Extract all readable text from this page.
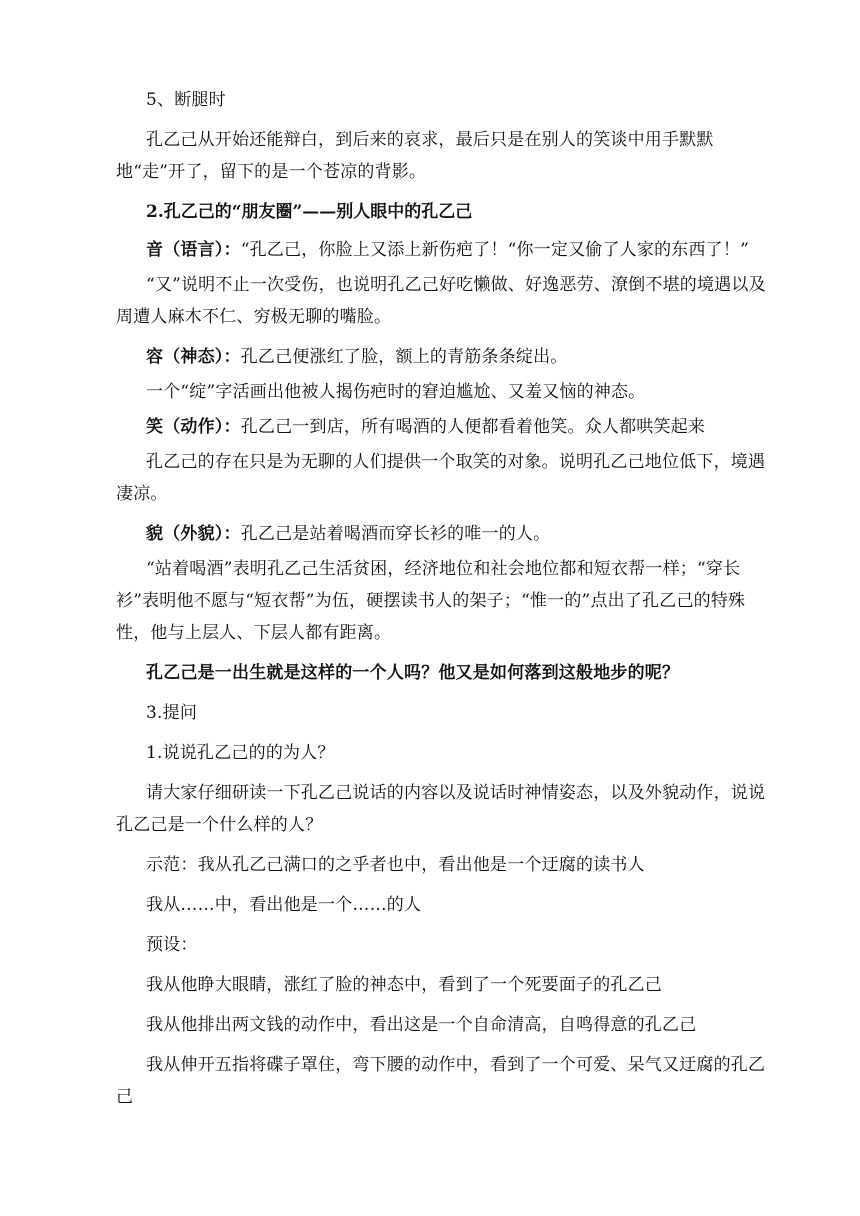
5、断腿时

孔乙己从开始还能辩白，到后来的哀求，最后只是在别人的笑谈中用手默默地“走”开了，留下的是一个苍凉的背影。

2.孔乙己的“朋友圈”——别人眼中的孔乙己

音（语言）：“孔乙己，你脸上又添上新伤疤了！“你一定又偷了人家的东西了！”

“又”说明不止一次受伤，也说明孔乙己好吃懒做、好逸恶劳、潦倒不堪的境遇以及周遭人麻木不仁、穷极无聊的嘴脸。

容（神态）：孔乙己便涨红了脸，额上的青筋条条绽出。

一个“绽”字活画出他被人揭伤疤时的窘迫尴尬、又羞又恼的神态。

笑（动作）：孔乙己一到店，所有喝酒的人便都看着他笑。众人都哄笑起来

孔乙己的存在只是为无聊的人们提供一个取笑的对象。说明孔乙己地位低下，境遇凄凉。

貌（外貌）：孔乙己是站着喝酒而穿长衫的唯一的人。

“站着喝酒”表明孔乙己生活贫困，经济地位和社会地位都和短衣帮一样；“穿长衫”表明他不愿与“短衣帮”为伍，硬摆读书人的架子；“惟一的”点出了孔乙己的特殊性，他与上层人、下层人都有距离。

孔乙己是一出生就是这样的一个人吗？他又是如何落到这般地步的呢？

3.提问

1.说说孔乙己的的为人？

请大家仔细研读一下孔乙己说话的内容以及说话时神情姿态，以及外貌动作，说说孔乙己是一个什么样的人？

示范：我从孔乙己满口的之乎者也中，看出他是一个迂腐的读书人

我从……中，看出他是一个……的人

预设：

我从他睁大眼睛，涨红了脸的神态中，看到了一个死要面子的孔乙己

我从他排出两文钱的动作中，看出这是一个自命清高，自鸣得意的孔乙己

我从伸开五指将碟子罩住，弯下腰的动作中，看到了一个可爱、呆气又迂腐的孔乙己
